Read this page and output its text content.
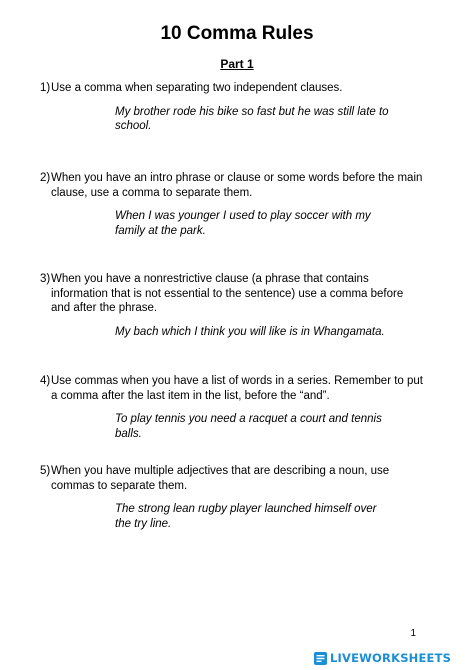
10 Comma Rules
Part 1
1) Use a comma when separating two independent clauses.
My brother rode his bike so fast but he was still late to school.
2) When you have an intro phrase or clause or some words before the main clause, use a comma to separate them.
When I was younger I used to play soccer with my family at the park.
3) When you have a nonrestrictive clause (a phrase that contains information that is not essential to the sentence) use a comma before and after the phrase.
My bach which I think you will like is in Whangamata.
4) Use commas when you have a list of words in a series. Remember to put a comma after the last item in the list, before the “and”.
To play tennis you need a racquet a court and tennis balls.
5) When you have multiple adjectives that are describing a noun, use commas to separate them.
The strong lean rugby player launched himself over the try line.
1
LIVEWORKSHEETS
